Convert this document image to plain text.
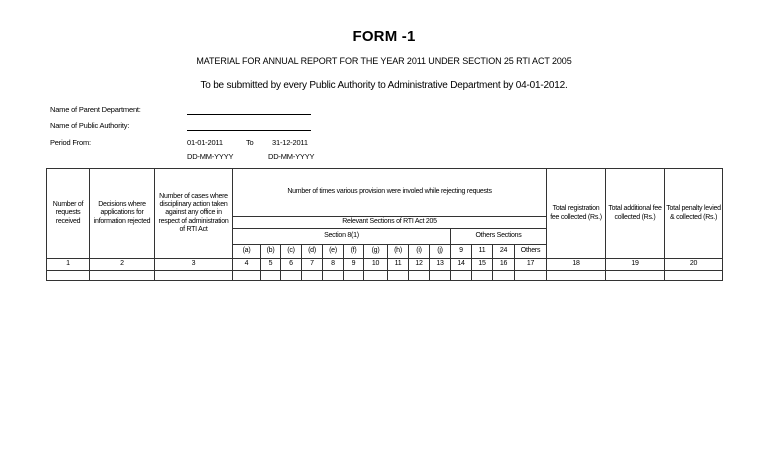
FORM -1
MATERIAL FOR ANNUAL REPORT FOR THE YEAR 2011 UNDER SECTION 25 RTI ACT 2005
To be submitted by every Public Authority to Administrative Department by 04-01-2012.
Name of Parent Department:
Name of Public Authority:
Period From:	01-01-2011	To 31-12-2011
DD-MM-YYYY	DD-MM-YYYY
Number of requests received	Decisions where applications for information rejected	Number of cases where disciplinary action taken against any office in respect of administration of RTI Act	Number of times various provision were involed while rejecting requests														Total registration fee collected (Rs.)	Total additional fee collected (Rs.)	Total penalty levied & collected (Rs.)
			Relevant Sections of RTI Act 205																
			Section 8(1)										Others Sections						
			(a)	(b)	(c)	(d)	(e)	(f)	(g)	(h)	(i)	(j)	9	11	24	Others			
1	2	3	4	5	6	7	8	9	10	11	12	13	14	15	16	17	18	19	20
